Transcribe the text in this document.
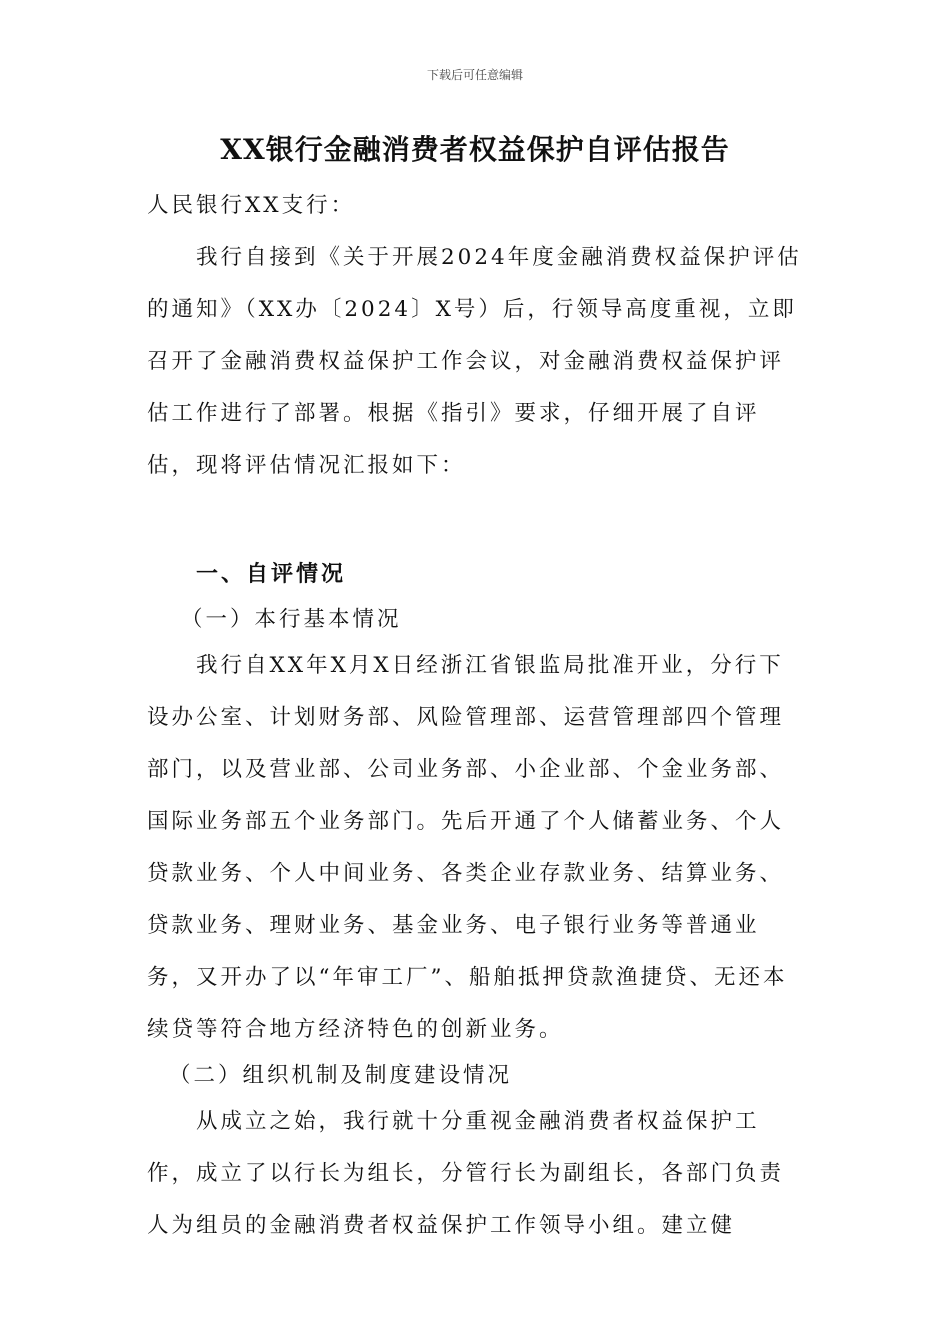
下载后可任意编辑
XX银行金融消费者权益保护自评估报告

人民银行XX支行：

我行自接到《关于开展2024年度金融消费权益保护评估的通知》（XX办〔2024〕X号）后，行领导高度重视，立即召开了金融消费权益保护工作会议，对金融消费权益保护评估工作进行了部署。根据《指引》要求，仔细开展了自评估，现将评估情况汇报如下：

一、自评情况

（一）本行基本情况

我行自XX年X月X日经浙江省银监局批准开业，分行下设办公室、计划财务部、风险管理部、运营管理部四个管理部门，以及营业部、公司业务部、小企业部、个金业务部、国际业务部五个业务部门。先后开通了个人储蓄业务、个人贷款业务、个人中间业务、各类企业存款业务、结算业务、贷款业务、理财业务、基金业务、电子银行业务等普通业务，又开办了以“年审工厂”、船舶抵押贷款渔捷贷、无还本续贷等符合地方经济特色的创新业务。

（二）组织机制及制度建设情况

从成立之始，我行就十分重视金融消费者权益保护工作，成立了以行长为组长，分管行长为副组长，各部门负责人为组员的金融消费者权益保护工作领导小组。建立健
